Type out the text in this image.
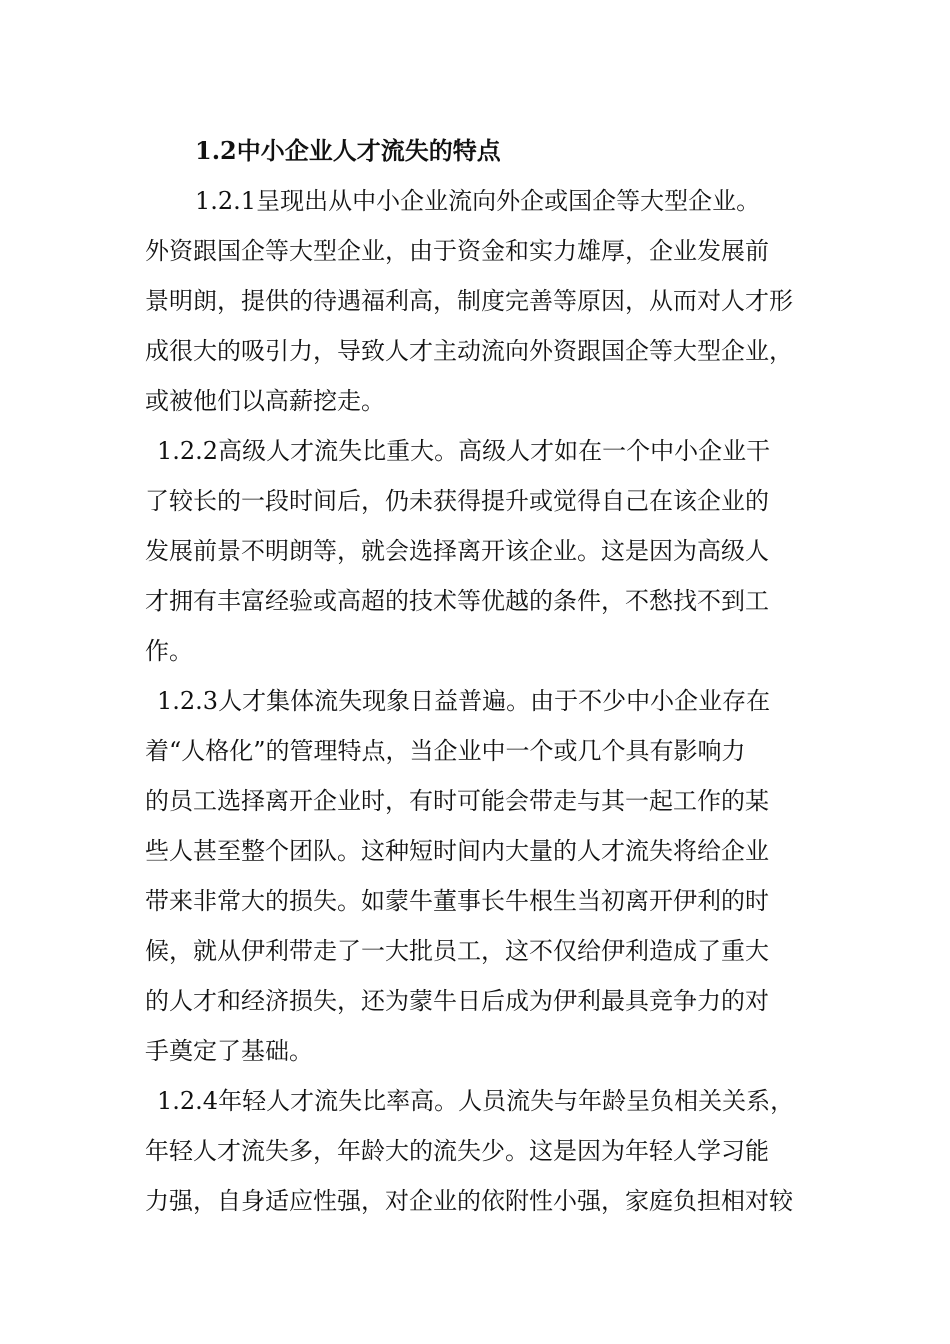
1.2中小企业人才流失的特点
1.2.1呈现出从中小企业流向外企或国企等大型企业。
外资跟国企等大型企业，由于资金和实力雄厚，企业发展前
景明朗，提供的待遇福利高，制度完善等原因，从而对人才形
成很大的吸引力，导致人才主动流向外资跟国企等大型企业，
或被他们以高薪挖走。
1.2.2高级人才流失比重大。高级人才如在一个中小企业干
了较长的一段时间后，仍未获得提升或觉得自己在该企业的
发展前景不明朗等，就会选择离开该企业。这是因为高级人
才拥有丰富经验或高超的技术等优越的条件，不愁找不到工
作。
1.2.3人才集体流失现象日益普遍。由于不少中小企业存在
着“人格化”的管理特点，当企业中一个或几个具有影响力
的员工选择离开企业时，有时可能会带走与其一起工作的某
些人甚至整个团队。这种短时间内大量的人才流失将给企业
带来非常大的损失。如蒙牛董事长牛根生当初离开伊利的时
候，就从伊利带走了一大批员工，这不仅给伊利造成了重大
的人才和经济损失，还为蒙牛日后成为伊利最具竞争力的对
手奠定了基础。
1.2.4年轻人才流失比率高。人员流失与年龄呈负相关关系，
年轻人才流失多，年龄大的流失少。这是因为年轻人学习能
力强，自身适应性强，对企业的依附性小强，家庭负担相对较
